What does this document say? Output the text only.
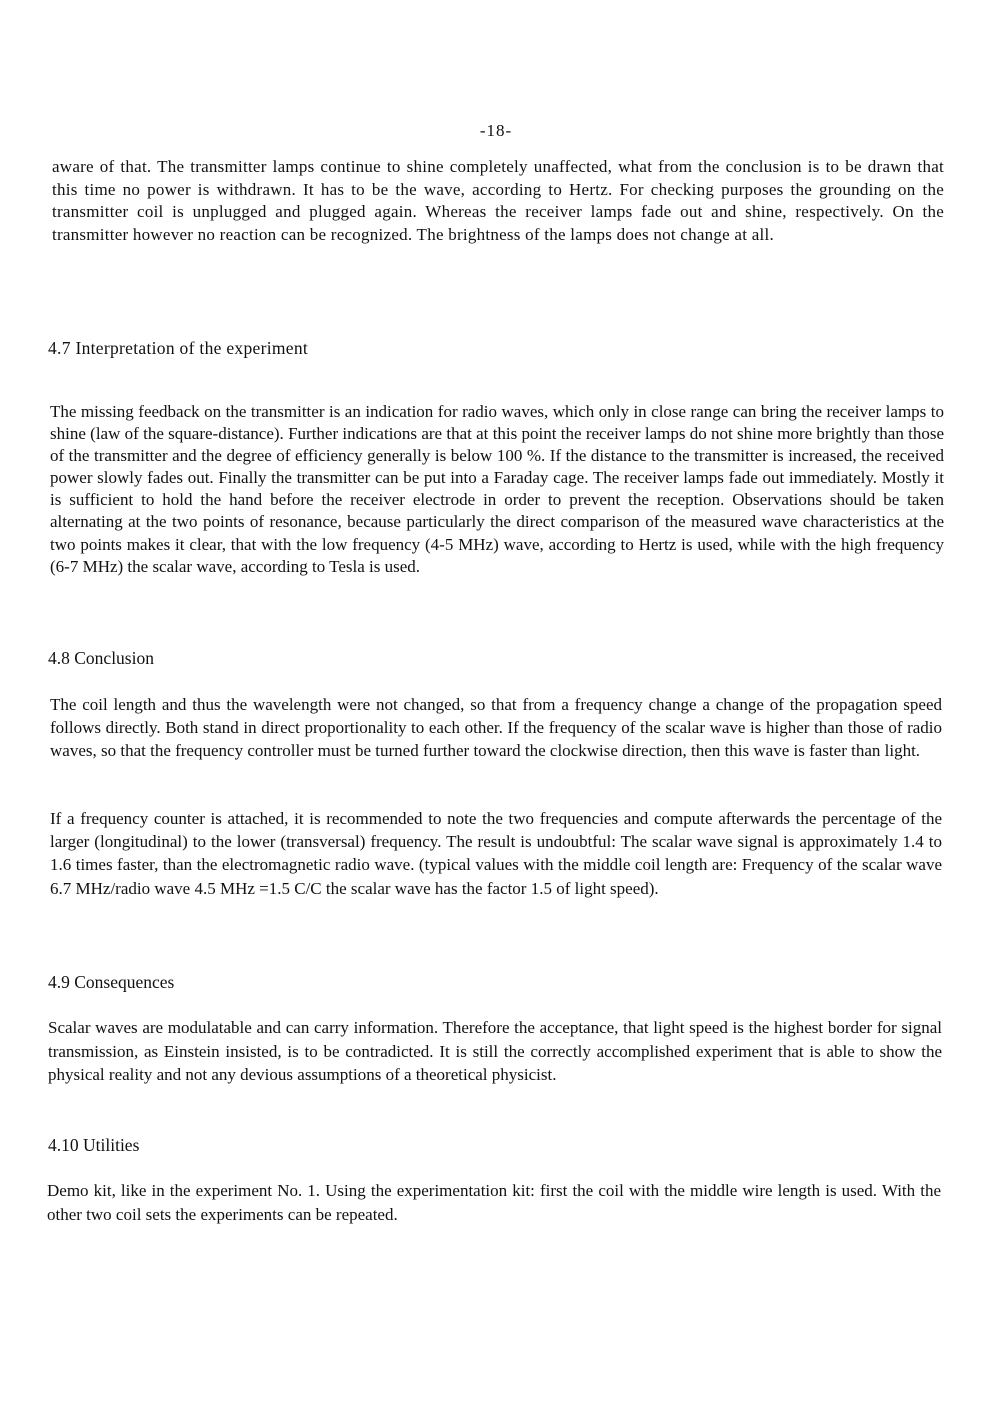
-18-

aware of that. The transmitter lamps continue to shine completely unaffected, what from the conclusion is to be drawn that this time no power is withdrawn. It has to be the wave, according to Hertz. For checking purposes the grounding on the transmitter coil is unplugged and plugged again. Whereas the receiver lamps fade out and shine, respectively. On the transmitter however no reaction can be recognized. The brightness of the lamps does not change at all.

4.7 Interpretation of the experiment

The missing feedback on the transmitter is an indication for radio waves, which only in close range can bring the receiver lamps to shine (law of the square-distance). Further indications are that at this point the receiver lamps do not shine more brightly than those of the transmitter and the degree of efficiency generally is below 100 %. If the distance to the transmitter is increased, the received power slowly fades out. Finally the transmitter can be put into a Faraday cage. The receiver lamps fade out immediately. Mostly it is sufficient to hold the hand before the receiver electrode in order to prevent the reception. Observations should be taken alternating at the two points of resonance, because particularly the direct comparison of the measured wave characteristics at the two points makes it clear, that with the low frequency (4-5 MHz) wave, according to Hertz is used, while with the high frequency (6-7 MHz) the scalar wave, according to Tesla is used.

4.8 Conclusion

The coil length and thus the wavelength were not changed, so that from a frequency change a change of the propagation speed follows directly. Both stand in direct proportionality to each other. If the frequency of the scalar wave is higher than those of radio waves, so that the frequency controller must be turned further toward the clockwise direction, then this wave is faster than light.

If a frequency counter is attached, it is recommended to note the two frequencies and compute afterwards the percentage of the larger (longitudinal) to the lower (transversal) frequency. The result is undoubtful: The scalar wave signal is approximately 1.4 to 1.6 times faster, than the electromagnetic radio wave. (typical values with the middle coil length are: Frequency of the scalar wave 6.7 MHz/radio wave 4.5 MHz =1.5 C/C the scalar wave has the factor 1.5 of light speed).

4.9 Consequences

Scalar waves are modulatable and can carry information. Therefore the acceptance, that light speed is the highest border for signal transmission, as Einstein insisted, is to be contradicted. It is still the correctly accomplished experiment that is able to show the physical reality and not any devious assumptions of a theoretical physicist.

4.10 Utilities

Demo kit, like in the experiment No. 1. Using the experimentation kit: first the coil with the middle wire length is used. With the other two coil sets the experiments can be repeated.
